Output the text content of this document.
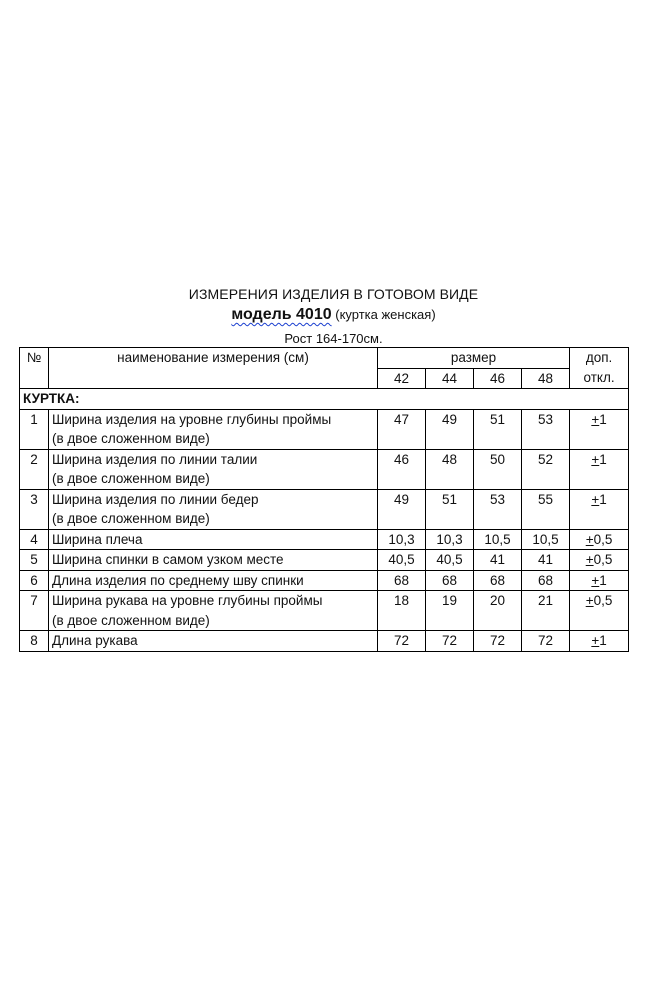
ИЗМЕРЕНИЯ ИЗДЕЛИЯ В ГОТОВОМ ВИДЕ
модель 4010 (куртка женская)
Рост 164-170см.
№	наименование измерения (см)	размер				доп.
откл.
		42	44	46	48	
КУРТКА:						
1	Ширина изделия на уровне глубины проймы
(в двое сложенном виде)	47	49	51	53	+1
2	Ширина изделия по линии талии
(в двое сложенном виде)	46	48	50	52	+1
3	Ширина изделия по линии бедер
(в двое сложенном виде)	49	51	53	55	+1
4	Ширина плеча	10,3	10,3	10,5	10,5	+0,5
5	Ширина спинки в самом узком месте	40,5	40,5	41	41	+0,5
6	Длина изделия по среднему шву спинки	68	68	68	68	+1
7	Ширина рукава на уровне глубины проймы
(в двое сложенном виде)	18	19	20	21	+0,5
8	Длина рукава	72	72	72	72	+1
